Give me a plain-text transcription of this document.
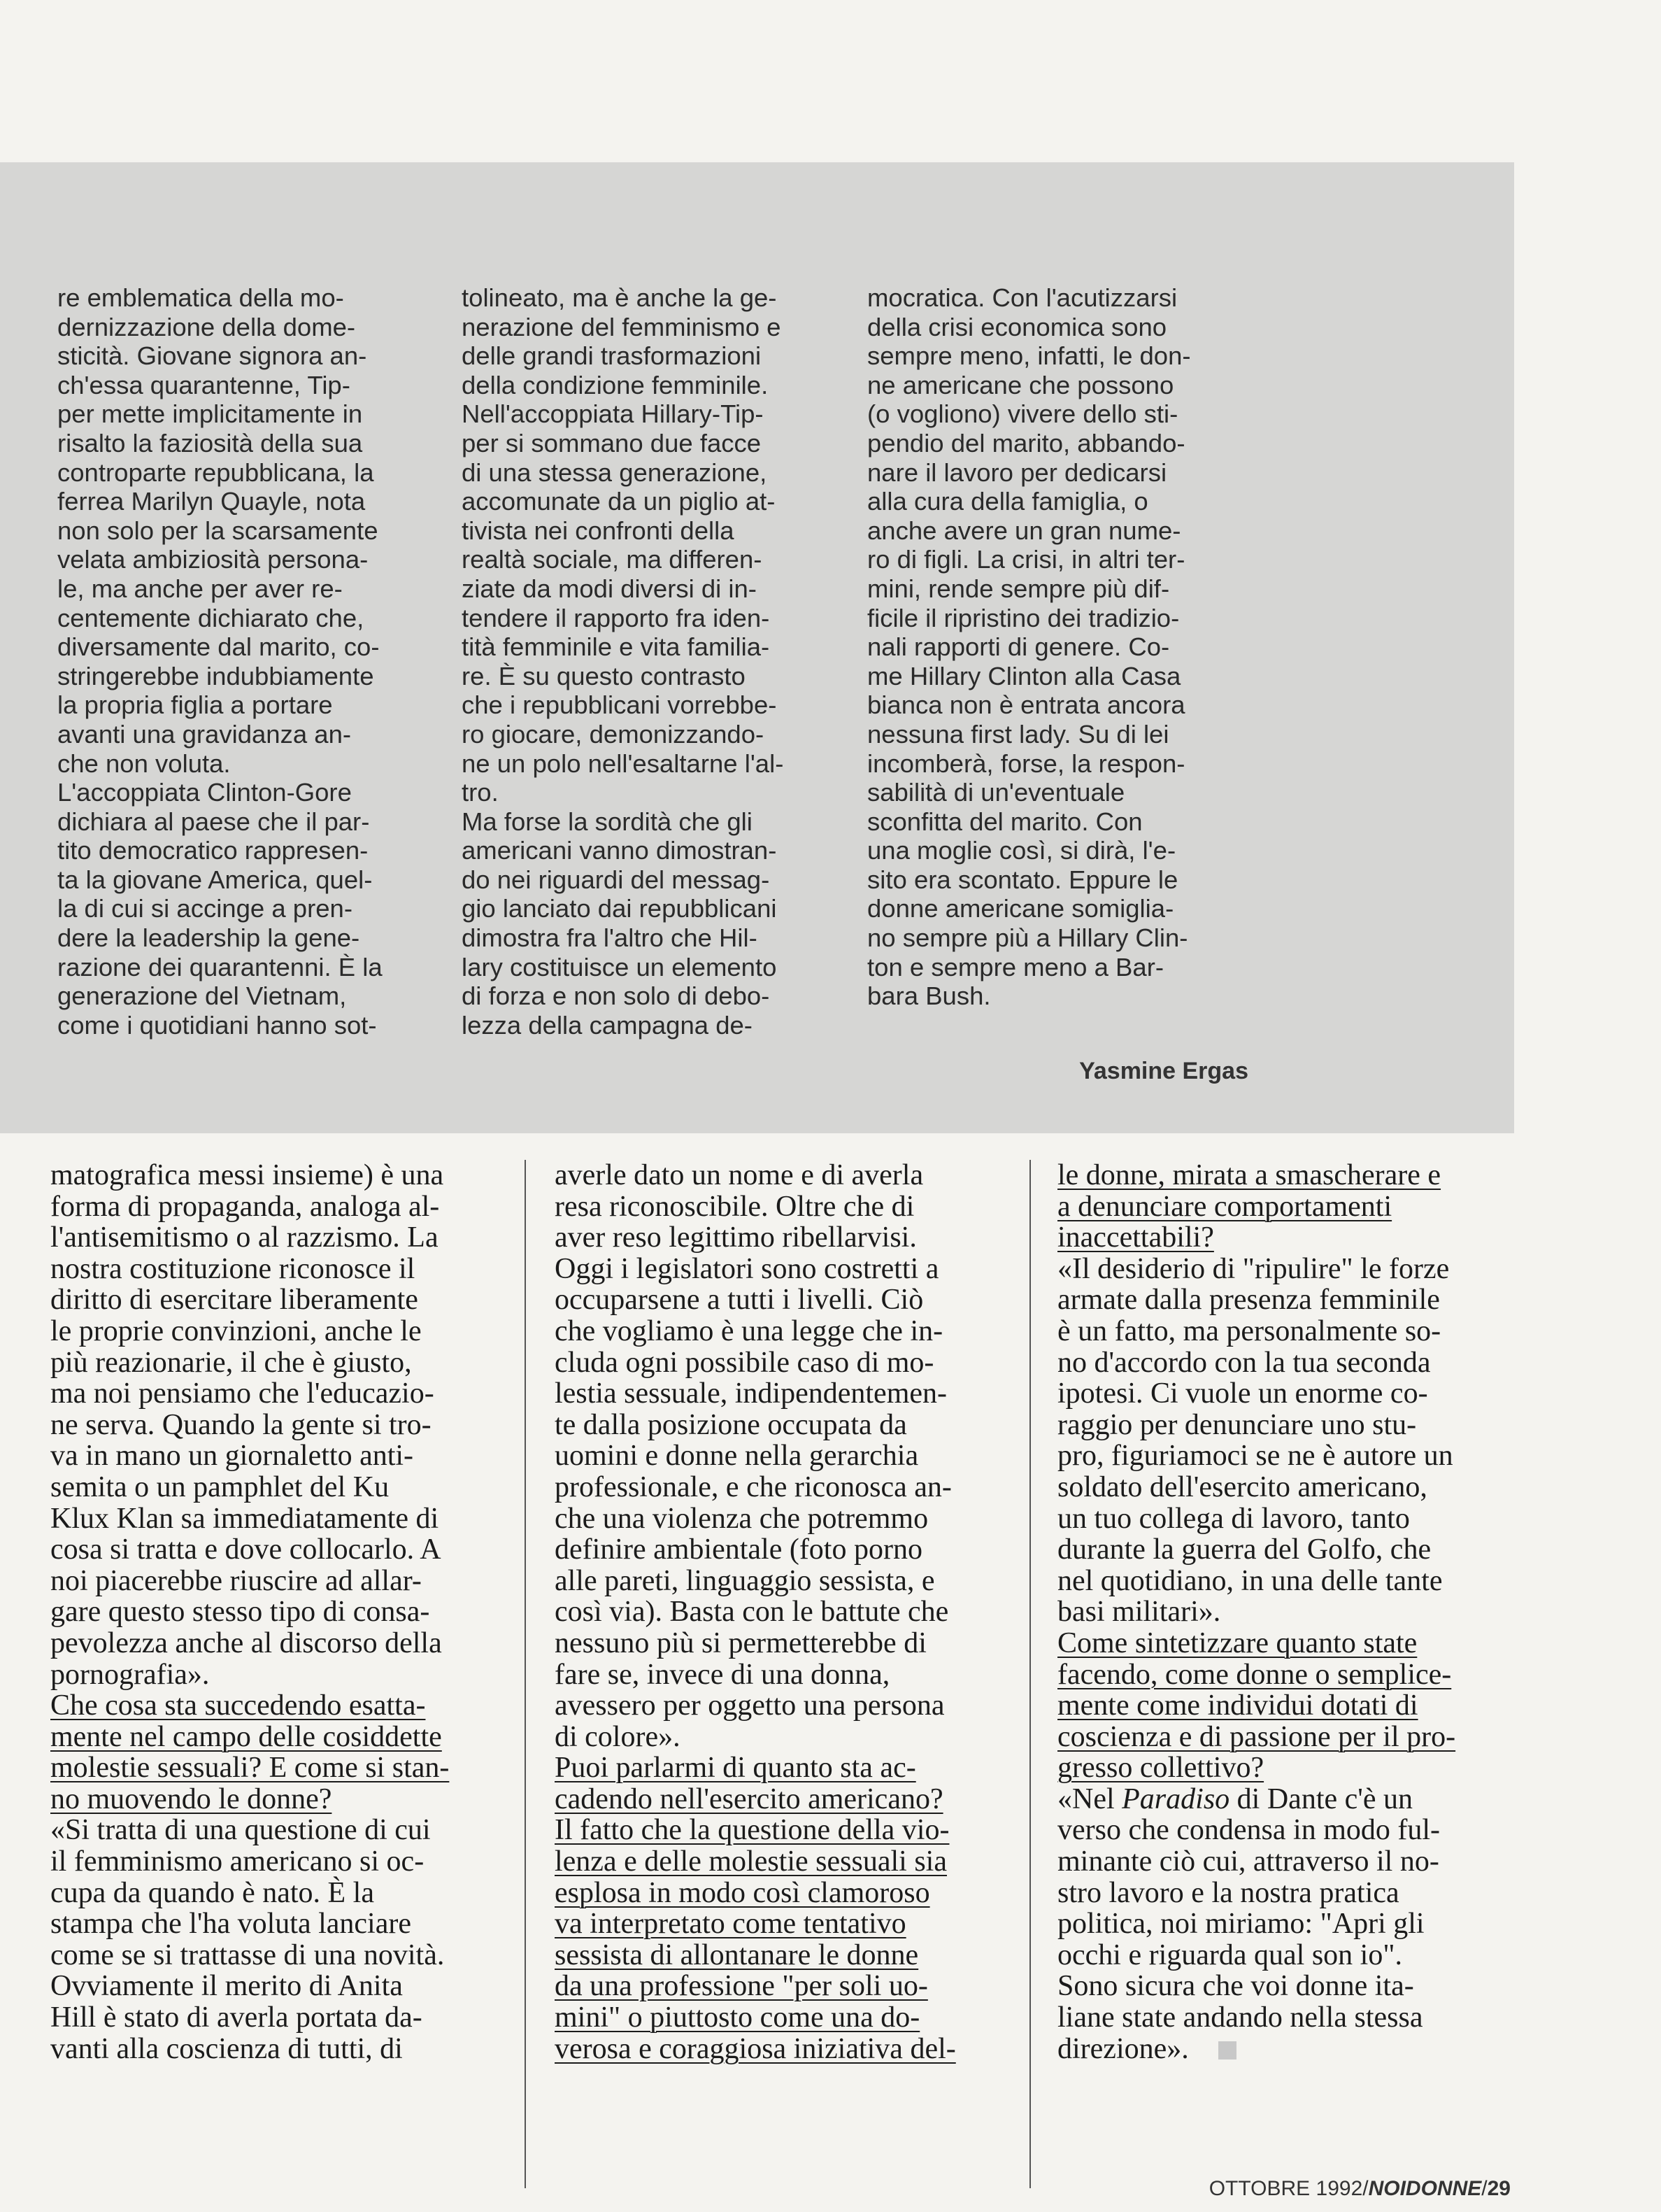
re emblematica della mo-
dernizzazione della dome-
sticità. Giovane signora an-
ch'essa quarantenne, Tip-
per mette implicitamente in
risalto la faziosità della sua
controparte repubblicana, la
ferrea Marilyn Quayle, nota
non solo per la scarsamente
velata ambiziosità persona-
le, ma anche per aver re-
centemente dichiarato che,
diversamente dal marito, co-
stringerebbe indubbiamente
la propria figlia a portare
avanti una gravidanza an-
che non voluta.
L'accoppiata Clinton-Gore
dichiara al paese che il par-
tito democratico rappresen-
ta la giovane America, quel-
la di cui si accinge a pren-
dere la leadership la gene-
razione dei quarantenni. È la
generazione del Vietnam,
come i quotidiani hanno sot-
tolineato, ma è anche la ge-
nerazione del femminismo e
delle grandi trasformazioni
della condizione femminile.
Nell'accoppiata Hillary-Tip-
per si sommano due facce
di una stessa generazione,
accomunate da un piglio at-
tivista nei confronti della
realtà sociale, ma differen-
ziate da modi diversi di in-
tendere il rapporto fra iden-
tità femminile e vita familia-
re. È su questo contrasto
che i repubblicani vorrebbe-
ro giocare, demonizzando-
ne un polo nell'esaltarne l'al-
tro.
Ma forse la sordità che gli
americani vanno dimostran-
do nei riguardi del messag-
gio lanciato dai repubblicani
dimostra fra l'altro che Hil-
lary costituisce un elemento
di forza e non solo di debo-
lezza della campagna de-
mocratica. Con l'acutizzarsi
della crisi economica sono
sempre meno, infatti, le don-
ne americane che possono
(o vogliono) vivere dello sti-
pendio del marito, abbando-
nare il lavoro per dedicarsi
alla cura della famiglia, o
anche avere un gran nume-
ro di figli. La crisi, in altri ter-
mini, rende sempre più dif-
ficile il ripristino dei tradizio-
nali rapporti di genere. Co-
me Hillary Clinton alla Casa
bianca non è entrata ancora
nessuna first lady. Su di lei
incomberà, forse, la respon-
sabilità di un'eventuale
sconfitta del marito. Con
una moglie così, si dirà, l'e-
sito era scontato. Eppure le
donne americane somiglia-
no sempre più a Hillary Clin-
ton e sempre meno a Bar-
bara Bush.
Yasmine Ergas
matografica messi insieme) è una
forma di propaganda, analoga al-
l'antisemitismo o al razzismo. La
nostra costituzione riconosce il
diritto di esercitare liberamente
le proprie convinzioni, anche le
più reazionarie, il che è giusto,
ma noi pensiamo che l'educazio-
ne serva. Quando la gente si tro-
va in mano un giornaletto anti-
semita o un pamphlet del Ku
Klux Klan sa immediatamente di
cosa si tratta e dove collocarlo. A
noi piacerebbe riuscire ad allar-
gare questo stesso tipo di consa-
pevolezza anche al discorso della
pornografia».
Che cosa sta succedendo esatta-
mente nel campo delle cosiddette
molestie sessuali? E come si stan-
no muovendo le donne?
«Si tratta di una questione di cui
il femminismo americano si oc-
cupa da quando è nato. È la
stampa che l'ha voluta lanciare
come se si trattasse di una novità.
Ovviamente il merito di Anita
Hill è stato di averla portata da-
vanti alla coscienza di tutti, di
averle dato un nome e di averla
resa riconoscibile. Oltre che di
aver reso legittimo ribellarvisi.
Oggi i legislatori sono costretti a
occuparsene a tutti i livelli. Ciò
che vogliamo è una legge che in-
cluda ogni possibile caso di mo-
lestia sessuale, indipendentemen-
te dalla posizione occupata da
uomini e donne nella gerarchia
professionale, e che riconosca an-
che una violenza che potremmo
definire ambientale (foto porno
alle pareti, linguaggio sessista, e
così via). Basta con le battute che
nessuno più si permetterebbe di
fare se, invece di una donna,
avessero per oggetto una persona
di colore».
Puoi parlarmi di quanto sta ac-
cadendo nell'esercito americano?
Il fatto che la questione della vio-
lenza e delle molestie sessuali sia
esplosa in modo così clamoroso
va interpretato come tentativo
sessista di allontanare le donne
da una professione "per soli uo-
mini" o piuttosto come una do-
verosa e coraggiosa iniziativa del-
le donne, mirata a smascherare e
a denunciare comportamenti
inaccettabili?
«Il desiderio di "ripulire" le forze
armate dalla presenza femminile
è un fatto, ma personalmente so-
no d'accordo con la tua seconda
ipotesi. Ci vuole un enorme co-
raggio per denunciare uno stu-
pro, figuriamoci se ne è autore un
soldato dell'esercito americano,
un tuo collega di lavoro, tanto
durante la guerra del Golfo, che
nel quotidiano, in una delle tante
basi militari».
Come sintetizzare quanto state
facendo, come donne o semplice-
mente come individui dotati di
coscienza e di passione per il pro-
gresso collettivo?
«Nel Paradiso di Dante c'è un
verso che condensa in modo ful-
minante ciò cui, attraverso il no-
stro lavoro e la nostra pratica
politica, noi miriamo: "Apri gli
occhi e riguarda qual son io".
Sono sicura che voi donne ita-
liane state andando nella stessa
direzione».
OTTOBRE 1992/NOIDONNE/29
